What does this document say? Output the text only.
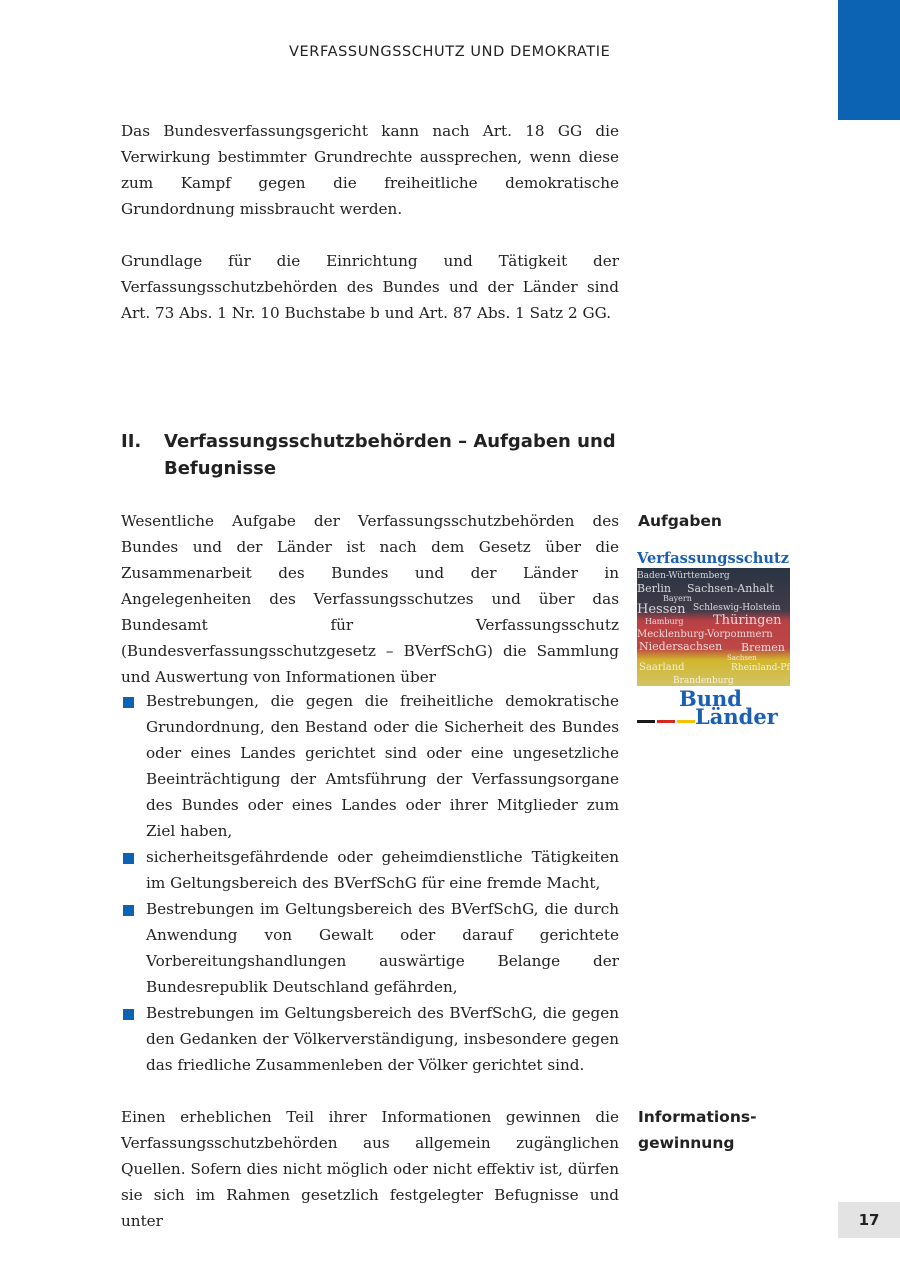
VERFASSUNGSSCHUTZ UND DEMOKRATIE

Das Bundesverfassungsgericht kann nach Art. 18 GG die Verwirkung bestimmter Grundrechte aussprechen, wenn diese zum Kampf gegen die freiheitliche demokratische Grundordnung missbraucht werden.

Grundlage für die Einrichtung und Tätigkeit der Verfassungsschutzbehörden des Bundes und der Länder sind Art. 73 Abs. 1 Nr. 10 Buchstabe b und Art. 87 Abs. 1 Satz 2 GG.

II.	Verfassungsschutzbehörden – Aufgaben und Befugnisse

Wesentliche Aufgabe der Verfassungsschutzbehörden des Bundes und der Länder ist nach dem Gesetz über die Zusammenarbeit des Bundes und der Länder in Angelegenheiten des Verfassungsschutzes und über das Bundesamt für Verfassungsschutz (Bundesverfassungsschutzgesetz – BVerfSchG) die Sammlung und Auswertung von Informationen über

Bestrebungen, die gegen die freiheitliche demokratische Grundordnung, den Bestand oder die Sicherheit des Bundes oder eines Landes gerichtet sind oder eine ungesetzliche Beeinträchtigung der Amtsführung der Verfassungsorgane des Bundes oder eines Landes oder ihrer Mitglieder zum Ziel haben,
sicherheitsgefährdende oder geheimdienstliche Tätigkeiten im Geltungsbereich des BVerfSchG für eine fremde Macht,
Bestrebungen im Geltungsbereich des BVerfSchG, die durch Anwendung von Gewalt oder darauf gerichtete Vorbereitungshandlungen auswärtige Belange der Bundesrepublik Deutschland gefährden,
Bestrebungen im Geltungsbereich des BVerfSchG, die gegen den Gedanken der Völkerverständigung, insbesondere gegen das friedliche Zusammenleben der Völker gerichtet sind.

Einen erheblichen Teil ihrer Informationen gewinnen die Verfassungsschutzbehörden aus allgemein zugänglichen Quellen. Sofern dies nicht möglich oder nicht effektiv ist, dürfen sie sich im Rahmen gesetzlich festgelegter Befugnisse und unter

Aufgaben
Informations-
gewinnung
Verfassungsschutz
Baden-Württemberg
Berlin Sachsen-Anhalt
Bayern
Hessen Schleswig-Holstein
Hamburg Thüringen
Mecklenburg-Vorpommern
Niedersachsen Bremen
Saarland	Rheinland-Pfalz
Sachsen
Brandenburg
Bund
Länder
17
